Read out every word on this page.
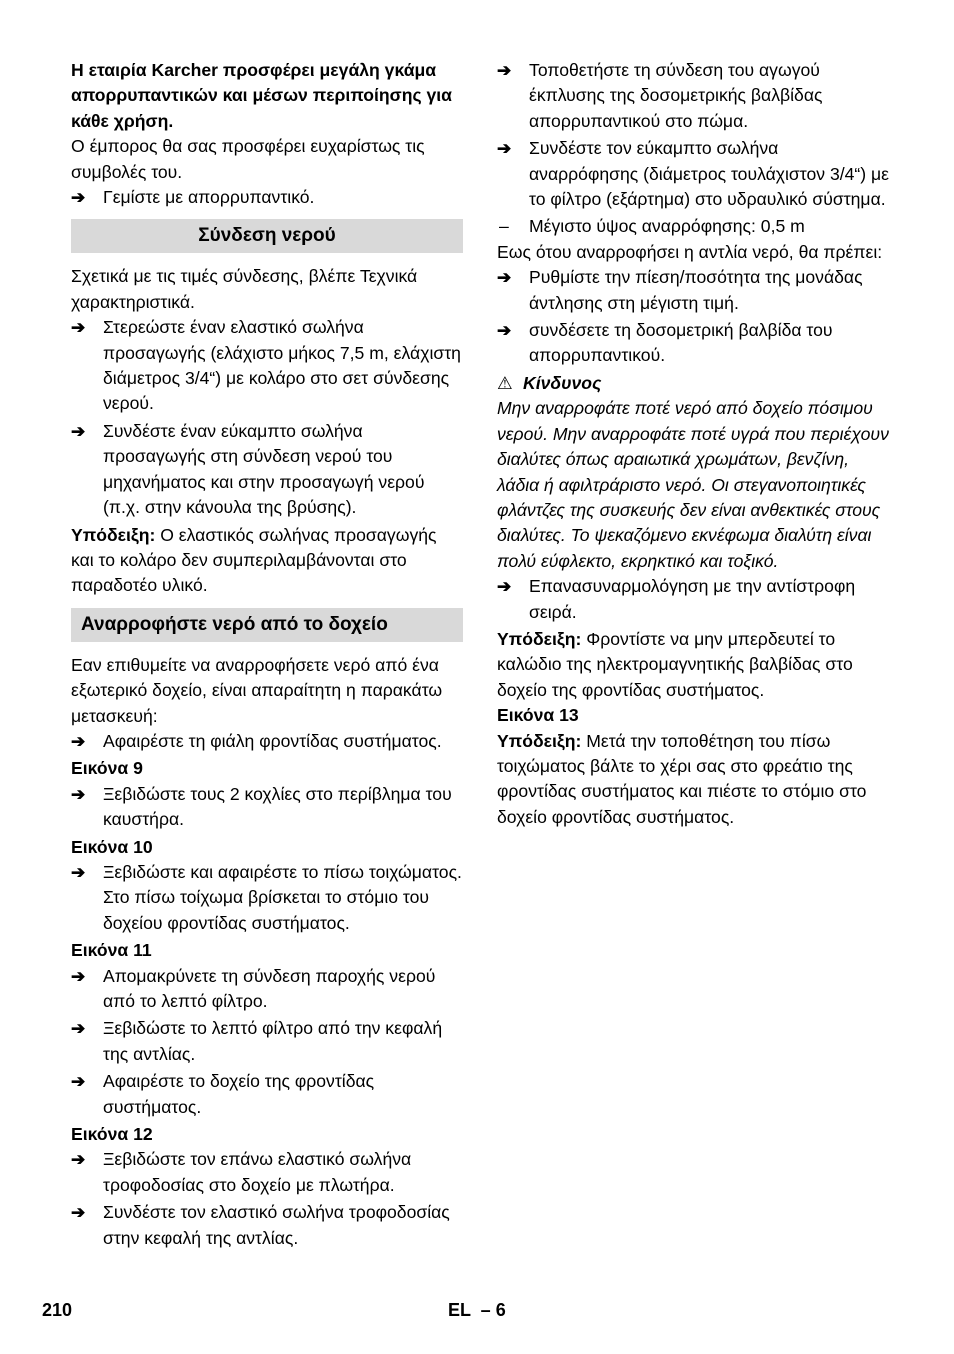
Η εταιρία Karcher προσφέρει μεγάλη γκάμα απορρυπαντικών και μέσων περιποίησης για κάθε χρήση.

Ο έμπορος θα σας προσφέρει ευχαρίστως τις συμβολές του.

➔ Γεμίστε με απορρυπαντικό.
Σύνδεση νερού

Σχετικά με τις τιμές σύνδεσης, βλέπε Τεχνικά χαρακτηριστικά.

➔ Στερεώστε έναν ελαστικό σωλήνα προσαγωγής (ελάχιστο μήκος 7,5 m, ελάχιστη διάμετρος 3/4“) με κολάρο στο σετ σύνδεσης νερού.
➔ Συνδέστε έναν εύκαμπτο σωλήνα προσαγωγής στη σύνδεση νερού του μηχανήματος και στην προσαγωγή νερού (π.χ. στην κάνουλα της βρύσης).

Υπόδειξη: Ο ελαστικός σωλήνας προσαγωγής και το κολάρο δεν συμπεριλαμβάνονται στο παραδοτέο υλικό.

Αναρροφήστε νερό από το δοχείο

Εαν επιθυμείτε να αναρροφήσετε νερό από ένα εξωτερικό δοχείο, είναι απαραίτητη η παρακάτω μετασκευή:

➔ Αφαιρέστε τη φιάλη φροντίδας συστήματος.

Εικόνα 9

➔ Ξεβιδώστε τους 2 κοχλίες στο περίβλημα του καυστήρα.

Εικόνα 10

➔ Ξεβιδώστε και αφαιρέστε το πίσω τοιχώματος. Στο πίσω τοίχωμα βρίσκεται το στόμιο του δοχείου φροντίδας συστήματος.

Εικόνα 11

➔ Απομακρύνετε τη σύνδεση παροχής νερού από το λεπτό φίλτρο.
➔ Ξεβιδώστε το λεπτό φίλτρο από την κεφαλή της αντλίας.
➔ Αφαιρέστε το δοχείο της φροντίδας συστήματος.

Εικόνα 12

➔ Ξεβιδώστε τον επάνω ελαστικό σωλήνα τροφοδοσίας στο δοχείο με πλωτήρα.
➔ Συνδέστε τον ελαστικό σωλήνα τροφοδοσίας στην κεφαλή της αντλίας.
➔ Τοποθετήστε τη σύνδεση του αγωγού έκπλυσης της δοσομετρικής βαλβίδας απορρυπαντικού στο πώμα.
➔ Συνδέστε τον εύκαμπτο σωλήνα αναρρόφησης (διάμετρος τουλάχιστον 3/4“) με το φίλτρο (εξάρτημα) στο υδραυλικό σύστημα.
– Μέγιστο ύψος αναρρόφησης: 0,5 m

Εως ότου αναρροφήσει η αντλία νερό, θα πρέπει:

➔ Ρυθμίστε την πίεση/ποσότητα της μονάδας άντλησης στη μέγιστη τιμή.
➔ συνδέσετε τη δοσομετρική βαλβίδα του απορρυπαντικού.

⚠ Κίνδυνος

Μην αναρροφάτε ποτέ νερό από δοχείο πόσιμου νερού. Μην αναρροφάτε ποτέ υγρά που περιέχουν διαλύτες όπως αραιωτικά χρωμάτων, βενζίνη, λάδια ή αφιλτράριστο νερό. Οι στεγανοποιητικές φλάντζες της συσκευής δεν είναι ανθεκτικές στους διαλύτες. Το ψεκαζόμενο εκνέφωμα διαλύτη είναι πολύ εύφλεκτο, εκρηκτικό και τοξικό.

➔ Επανασυναρμολόγηση με την αντίστροφη σειρά.

Υπόδειξη: Φροντίστε να μην μπερδευτεί το καλώδιο της ηλεκτρομαγνητικής βαλβίδας στο δοχείο της φροντίδας συστήματος.

Εικόνα 13

Υπόδειξη: Μετά την τοποθέτηση του πίσω τοιχώματος βάλτε το χέρι σας στο φρεάτιο της φροντίδας συστήματος και πιέστε το στόμιο στο δοχείο φροντίδας συστήματος.

210	EL  – 6
